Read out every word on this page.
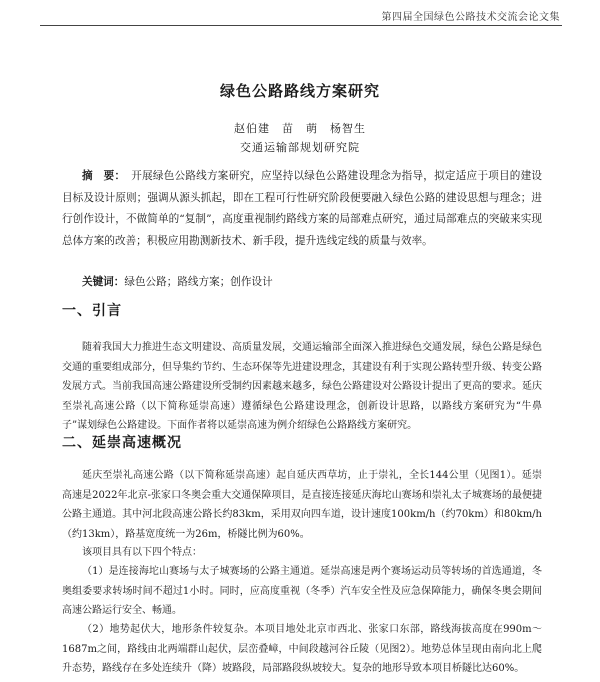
第四届全国绿色公路技术交流会论文集
绿色公路路线方案研究
赵伯建　苗　萌　杨智生
交通运输部规划研究院
摘　要： 开展绿色公路线方案研究，应坚持以绿色公路建设理念为指导，拟定适应于项目的建设目标及设计原则；强调从源头抓起，即在工程可行性研究阶段便要融入绿色公路的建设思想与理念；进行创作设计，不做简单的“复制”，高度重视制约路线方案的局部难点研究，通过局部难点的突破来实现总体方案的改善；积极应用勘测新技术、新手段，提升选线定线的质量与效率。
关键词：绿色公路；路线方案；创作设计
一、引言
随着我国大力推进生态文明建设、高质量发展，交通运输部全面深入推进绿色交通发展，绿色公路是绿色交通的重要组成部分，但导集约节约、生态环保等先进建设理念，其建设有利于实现公路转型升级、转变公路发展方式。当前我国高速公路建设所受制约因素越来越多，绿色公路建设对公路设计提出了更高的要求。延庆至崇礼高速公路（以下简称延崇高速）遵循绿色公路建设理念，创新设计思路，以路线方案研究为“牛鼻子”谋划绿色公路建设。下面作者将以延崇高速为例介绍绿色公路路线方案研究。
二、延崇高速概况
延庆至崇礼高速公路（以下简称延崇高速）起自延庆西草坊，止于崇礼，全长144公里（见图1）。延崇高速是2022年北京-张家口冬奥会重大交通保障项目，是直接连接延庆海坨山赛场和崇礼太子城赛场的最便捷公路主通道。其中河北段高速公路长约83km，采用双向四车道，设计速度100km/h（约70km）和80km/h（约13km），路基宽度统一为26m，桥隧比例为60%。
该项目具有以下四个特点：
（1）是连接海坨山赛场与太子城赛场的公路主通道。延崇高速是两个赛场运动员等转场的首选通道，冬奥组委要求转场时间不超过1小时。同时，应高度重视（冬季）汽车安全性及应急保障能力，确保冬奥会期间高速公路运行安全、畅通。
（2）地势起伏大，地形条件较复杂。本项目地处北京市西北、张家口东部，路线海拔高度在990m～1687m之间，路线由北两端群山起伏，层峦叠嶂，中间段越河谷丘陵（见图2）。地势总体呈现由南向北上爬升态势，路线存在多处连续升（降）坡路段，局部路段纵坡较大。复杂的地形导致本项目桥隧比达60%。
